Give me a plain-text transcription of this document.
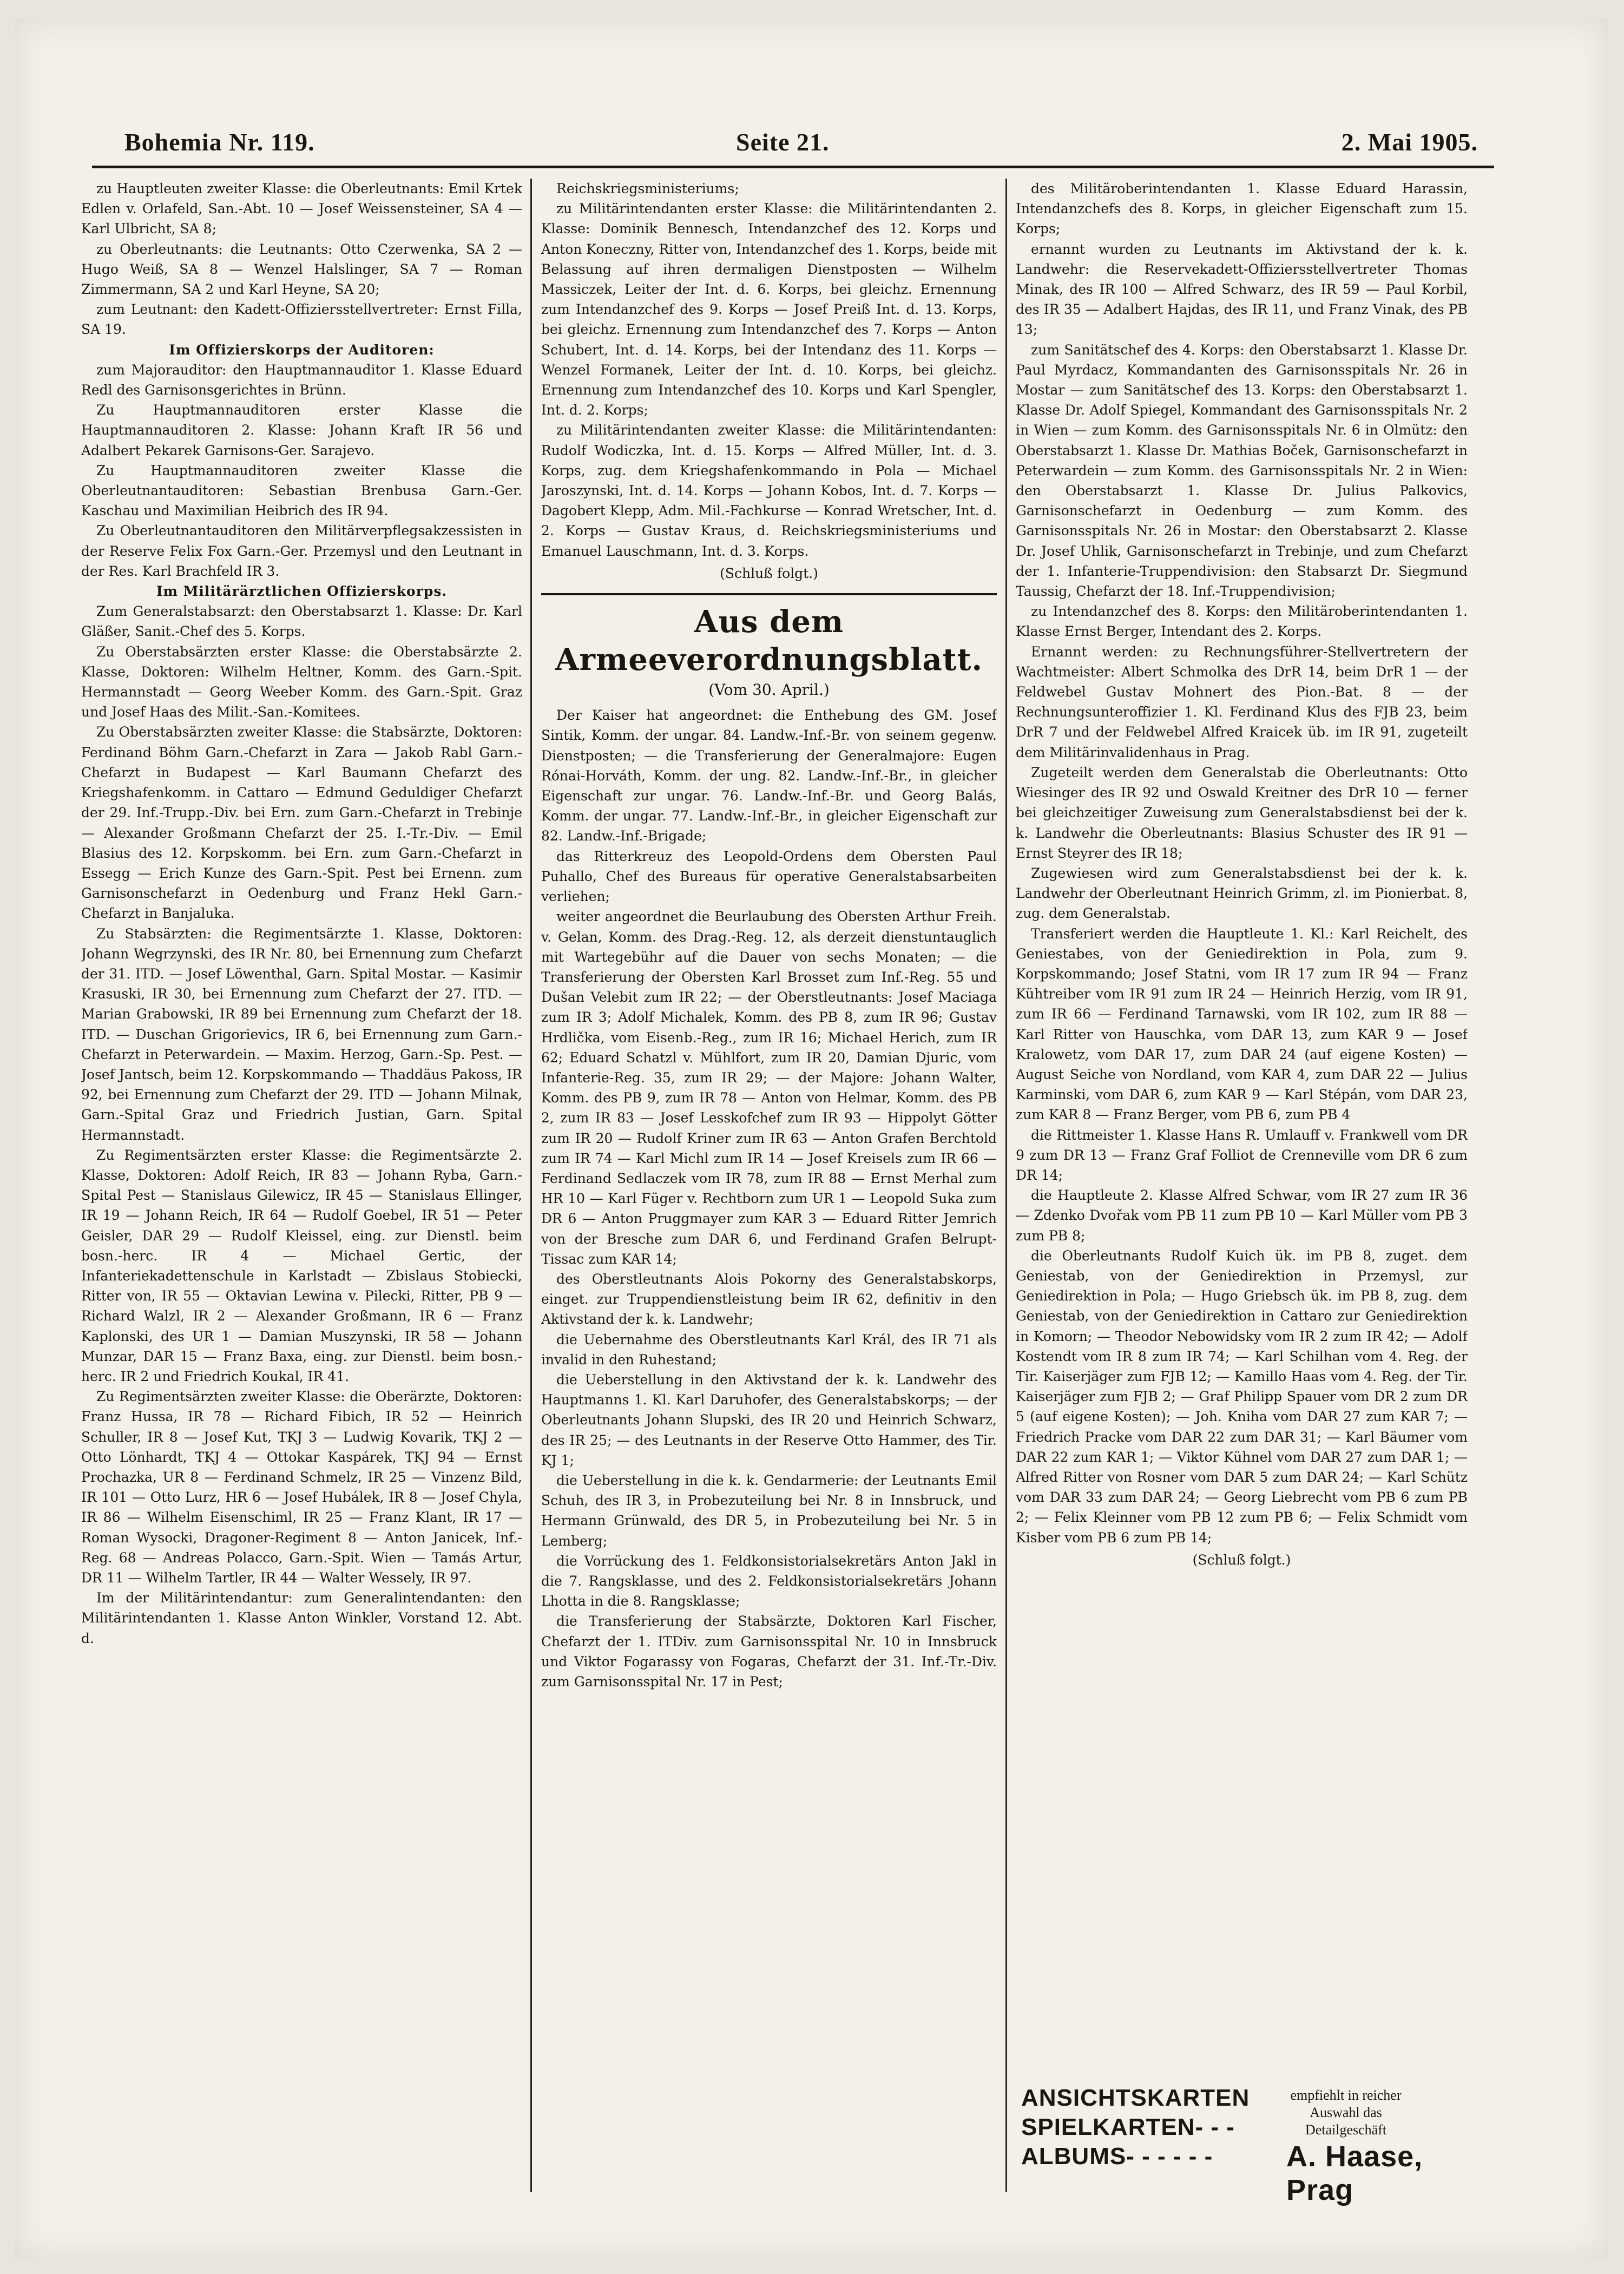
Bohemia Nr. 119.	Seite 21.	2. Mai 1905.

zu Hauptleuten zweiter Klasse: die Oberleutnants: Emil Krtek Edlen v. Orlafeld, San.-Abt. 10 — Josef Weissensteiner, SA 4 — Karl Ulbricht, SA 8;

zu Oberleutnants: die Leutnants: Otto Czerwenka, SA 2 — Hugo Weiß, SA 8 — Wenzel Halslinger, SA 7 — Roman Zimmermann, SA 2 und Karl Heyne, SA 20;

zum Leutnant: den Kadett-Offiziersstellvertreter: Ernst Filla, SA 19.

Im Offizierskorps der Auditoren:

zum Majorauditor: den Hauptmannauditor 1. Klasse Eduard Redl des Garnisonsgerichtes in Brünn.

Zu Hauptmannauditoren erster Klasse die Hauptmannauditoren 2. Klasse: Johann Kraft IR 56 und Adalbert Pekarek Garnisons-Ger. Sarajevo.

Zu Hauptmannauditoren zweiter Klasse die Oberleutnantauditoren: Sebastian Brenbusa Garn.-Ger. Kaschau und Maximilian Heibrich des IR 94.

Zu Oberleutnantauditoren den Militärverpflegsakzessisten in der Reserve Felix Fox Garn.-Ger. Przemysl und den Leutnant in der Res. Karl Brachfeld IR 3.

Im Militärärztlichen Offizierskorps.

Zum Generalstabsarzt: den Oberstabsarzt 1. Klasse: Dr. Karl Gläßer, Sanit.-Chef des 5. Korps.

Zu Oberstabsärzten erster Klasse: die Oberstabsärzte 2. Klasse, Doktoren: Wilhelm Heltner, Komm. des Garn.-Spit. Hermannstadt — Georg Weeber Komm. des Garn.-Spit. Graz und Josef Haas des Milit.-San.-Komitees.

Zu Oberstabsärzten zweiter Klasse: die Stabsärzte, Doktoren: Ferdinand Böhm Garn.-Chefarzt in Zara — Jakob Rabl Garn.-Chefarzt in Budapest — Karl Baumann Chefarzt des Kriegshafenkomm. in Cattaro — Edmund Geduldiger Chefarzt der 29. Inf.-Trupp.-Div. bei Ern. zum Garn.-Chefarzt in Trebinje — Alexander Großmann Chefarzt der 25. I.-Tr.-Div. — Emil Blasius des 12. Korpskomm. bei Ern. zum Garn.-Chefarzt in Essegg — Erich Kunze des Garn.-Spit. Pest bei Ernenn. zum Garnisonschefarzt in Oedenburg und Franz Hekl Garn.-Chefarzt in Banjaluka.

Zu Stabsärzten: die Regimentsärzte 1. Klasse, Doktoren: Johann Wegrzynski, des IR Nr. 80, bei Ernennung zum Chefarzt der 31. ITD. — Josef Löwenthal, Garn. Spital Mostar. — Kasimir Krasuski, IR 30, bei Ernennung zum Chefarzt der 27. ITD. — Marian Grabowski, IR 89 bei Ernennung zum Chefarzt der 18. ITD. — Duschan Grigorievics, IR 6, bei Ernennung zum Garn.-Chefarzt in Peterwardein. — Maxim. Herzog, Garn.-Sp. Pest. — Josef Jantsch, beim 12. Korpskommando — Thaddäus Pakoss, IR 92, bei Ernennung zum Chefarzt der 29. ITD — Johann Milnak, Garn.-Spital Graz und Friedrich Justian, Garn. Spital Hermannstadt.

Zu Regimentsärzten erster Klasse: die Regimentsärzte 2. Klasse, Doktoren: Adolf Reich, IR 83 — Johann Ryba, Garn.-Spital Pest — Stanislaus Gilewicz, IR 45 — Stanislaus Ellinger, IR 19 — Johann Reich, IR 64 — Rudolf Goebel, IR 51 — Peter Geisler, DAR 29 — Rudolf Kleissel, eing. zur Dienstl. beim bosn.-herc. IR 4 — Michael Gertic, der Infanteriekadettenschule in Karlstadt — Zbislaus Stobiecki, Ritter von, IR 55 — Oktavian Lewina v. Pilecki, Ritter, PB 9 — Richard Walzl, IR 2 — Alexander Großmann, IR 6 — Franz Kaplonski, des UR 1 — Damian Muszynski, IR 58 — Johann Munzar, DAR 15 — Franz Baxa, eing. zur Dienstl. beim bosn.-herc. IR 2 und Friedrich Koukal, IR 41.

Zu Regimentsärzten zweiter Klasse: die Oberärzte, Doktoren: Franz Hussa, IR 78 — Richard Fibich, IR 52 — Heinrich Schuller, IR 8 — Josef Kut, TKJ 3 — Ludwig Kovarik, TKJ 2 — Otto Lönhardt, TKJ 4 — Ottokar Kaspárek, TKJ 94 — Ernst Prochazka, UR 8 — Ferdinand Schmelz, IR 25 — Vinzenz Bild, IR 101 — Otto Lurz, HR 6 — Josef Hubálek, IR 8 — Josef Chyla, IR 86 — Wilhelm Eisenschiml, IR 25 — Franz Klant, IR 17 — Roman Wysocki, Dragoner-Regiment 8 — Anton Janicek, Inf.-Reg. 68 — Andreas Polacco, Garn.-Spit. Wien — Tamás Artur, DR 11 — Wilhelm Tartler, IR 44 — Walter Wessely, IR 97.

Im der Militärintendantur: zum Generalintendanten: den Militärintendanten 1. Klasse Anton Winkler, Vorstand 12. Abt. d.

Reichskriegsministeriums;

zu Militärintendanten erster Klasse: die Militärintendanten 2. Klasse: Dominik Bennesch, Intendanzchef des 12. Korps und Anton Koneczny, Ritter von, Intendanzchef des 1. Korps, beide mit Belassung auf ihren dermaligen Dienstposten — Wilhelm Massiczek, Leiter der Int. d. 6. Korps, bei gleichz. Ernennung zum Intendanzchef des 9. Korps — Josef Preiß Int. d. 13. Korps, bei gleichz. Ernennung zum Intendanzchef des 7. Korps — Anton Schubert, Int. d. 14. Korps, bei der Intendanz des 11. Korps — Wenzel Formanek, Leiter der Int. d. 10. Korps, bei gleichz. Ernennung zum Intendanzchef des 10. Korps und Karl Spengler, Int. d. 2. Korps;

zu Militärintendanten zweiter Klasse: die Militärintendanten: Rudolf Wodiczka, Int. d. 15. Korps — Alfred Müller, Int. d. 3. Korps, zug. dem Kriegshafenkommando in Pola — Michael Jaroszynski, Int. d. 14. Korps — Johann Kobos, Int. d. 7. Korps — Dagobert Klepp, Adm. Mil.-Fachkurse — Konrad Wretscher, Int. d. 2. Korps — Gustav Kraus, d. Reichskriegsministeriums und Emanuel Lauschmann, Int. d. 3. Korps.

(Schluß folgt.)

Aus dem Armeeverordnungsblatt.
(Vom 30. April.)

Der Kaiser hat angeordnet: die Enthebung des GM. Josef Sintik, Komm. der ungar. 84. Landw.-Inf.-Br. von seinem gegenw. Dienstposten; — die Transferierung der Generalmajore: Eugen Rónai-Horváth, Komm. der ung. 82. Landw.-Inf.-Br., in gleicher Eigenschaft zur ungar. 76. Landw.-Inf.-Br. und Georg Balás, Komm. der ungar. 77. Landw.-Inf.-Br., in gleicher Eigenschaft zur 82. Landw.-Inf.-Brigade;

das Ritterkreuz des Leopold-Ordens dem Obersten Paul Puhallo, Chef des Bureaus für operative Generalstabsarbeiten verliehen;

weiter angeordnet die Beurlaubung des Obersten Arthur Freih. v. Gelan, Komm. des Drag.-Reg. 12, als derzeit dienstuntauglich mit Wartegebühr auf die Dauer von sechs Monaten; — die Transferierung der Obersten Karl Brosset zum Inf.-Reg. 55 und Dušan Velebit zum IR 22; — der Oberstleutnants: Josef Maciaga zum IR 3; Adolf Michalek, Komm. des PB 8, zum IR 96; Gustav Hrdlička, vom Eisenb.-Reg., zum IR 16; Michael Herich, zum IR 62; Eduard Schatzl v. Mühlfort, zum IR 20, Damian Djuric, vom Infanterie-Reg. 35, zum IR 29; — der Majore: Johann Walter, Komm. des PB 9, zum IR 78 — Anton von Helmar, Komm. des PB 2, zum IR 83 — Josef Lesskofchef zum IR 93 — Hippolyt Götter zum IR 20 — Rudolf Kriner zum IR 63 — Anton Grafen Berchtold zum IR 74 — Karl Michl zum IR 14 — Josef Kreisels zum IR 66 — Ferdinand Sedlaczek vom IR 78, zum IR 88 — Ernst Merhal zum HR 10 — Karl Füger v. Rechtborn zum UR 1 — Leopold Suka zum DR 6 — Anton Pruggmayer zum KAR 3 — Eduard Ritter Jemrich von der Bresche zum DAR 6, und Ferdinand Grafen Belrupt-Tissac zum KAR 14;

des Oberstleutnants Alois Pokorny des Generalstabskorps, einget. zur Truppendienstleistung beim IR 62, definitiv in den Aktivstand der k. k. Landwehr;

die Uebernahme des Oberstleutnants Karl Král, des IR 71 als invalid in den Ruhestand;

die Ueberstellung in den Aktivstand der k. k. Landwehr des Hauptmanns 1. Kl. Karl Daruhofer, des Generalstabskorps; — der Oberleutnants Johann Slupski, des IR 20 und Heinrich Schwarz, des IR 25; — des Leutnants in der Reserve Otto Hammer, des Tir. KJ 1;

die Ueberstellung in die k. k. Gendarmerie: der Leutnants Emil Schuh, des IR 3, in Probezuteilung bei Nr. 8 in Innsbruck, und Hermann Grünwald, des DR 5, in Probezuteilung bei Nr. 5 in Lemberg;

die Vorrückung des 1. Feldkonsistorialsekretärs Anton Jakl in die 7. Rangsklasse, und des 2. Feldkonsistorialsekretärs Johann Lhotta in die 8. Rangsklasse;

die Transferierung der Stabsärzte, Doktoren Karl Fischer, Chefarzt der 1. ITDiv. zum Garnisonsspital Nr. 10 in Innsbruck und Viktor Fogarassy von Fogaras, Chefarzt der 31. Inf.-Tr.-Div. zum Garnisonsspital Nr. 17 in Pest;

des Militäroberintendanten 1. Klasse Eduard Harassin, Intendanzchefs des 8. Korps, in gleicher Eigenschaft zum 15. Korps;

ernannt wurden zu Leutnants im Aktivstand der k. k. Landwehr: die Reservekadett-Offiziersstellvertreter Thomas Minak, des IR 100 — Alfred Schwarz, des IR 59 — Paul Korbil, des IR 35 — Adalbert Hajdas, des IR 11, und Franz Vinak, des PB 13;

zum Sanitätschef des 4. Korps: den Oberstabsarzt 1. Klasse Dr. Paul Myrdacz, Kommandanten des Garnisonsspitals Nr. 26 in Mostar — zum Sanitätschef des 13. Korps: den Oberstabsarzt 1. Klasse Dr. Adolf Spiegel, Kommandant des Garnisonsspitals Nr. 2 in Wien — zum Komm. des Garnisonsspitals Nr. 6 in Olmütz: den Oberstabsarzt 1. Klasse Dr. Mathias Boček, Garnisonschefarzt in Peterwardein — zum Komm. des Garnisonsspitals Nr. 2 in Wien: den Oberstabsarzt 1. Klasse Dr. Julius Palkovics, Garnisonschefarzt in Oedenburg — zum Komm. des Garnisonsspitals Nr. 26 in Mostar: den Oberstabsarzt 2. Klasse Dr. Josef Uhlik, Garnisonschefarzt in Trebinje, und zum Chefarzt der 1. Infanterie-Truppendivision: den Stabsarzt Dr. Siegmund Taussig, Chefarzt der 18. Inf.-Truppendivision;

zu Intendanzchef des 8. Korps: den Militäroberintendanten 1. Klasse Ernst Berger, Intendant des 2. Korps.

Ernannt werden: zu Rechnungsführer-Stellvertretern der Wachtmeister: Albert Schmolka des DrR 14, beim DrR 1 — der Feldwebel Gustav Mohnert des Pion.-Bat. 8 — der Rechnungsunteroffizier 1. Kl. Ferdinand Klus des FJB 23, beim DrR 7 und der Feldwebel Alfred Kraicek üb. im IR 91, zugeteilt dem Militärinvalidenhaus in Prag.

Zugeteilt werden dem Generalstab die Oberleutnants: Otto Wiesinger des IR 92 und Oswald Kreitner des DrR 10 — ferner bei gleichzeitiger Zuweisung zum Generalstabsdienst bei der k. k. Landwehr die Oberleutnants: Blasius Schuster des IR 91 — Ernst Steyrer des IR 18;

Zugewiesen wird zum Generalstabsdienst bei der k. k. Landwehr der Oberleutnant Heinrich Grimm, zl. im Pionierbat. 8, zug. dem Generalstab.

Transferiert werden die Hauptleute 1. Kl.: Karl Reichelt, des Geniestabes, von der Geniedirektion in Pola, zum 9. Korpskommando; Josef Statni, vom IR 17 zum IR 94 — Franz Kühtreiber vom IR 91 zum IR 24 — Heinrich Herzig, vom IR 91, zum IR 66 — Ferdinand Tarnawski, vom IR 102, zum IR 88 — Karl Ritter von Hauschka, vom DAR 13, zum KAR 9 — Josef Kralowetz, vom DAR 17, zum DAR 24 (auf eigene Kosten) — August Seiche von Nordland, vom KAR 4, zum DAR 22 — Julius Karminski, vom DAR 6, zum KAR 9 — Karl Stépán, vom DAR 23, zum KAR 8 — Franz Berger, vom PB 6, zum PB 4

die Rittmeister 1. Klasse Hans R. Umlauff v. Frankwell vom DR 9 zum DR 13 — Franz Graf Folliot de Crenneville vom DR 6 zum DR 14;

die Hauptleute 2. Klasse Alfred Schwar, vom IR 27 zum IR 36 — Zdenko Dvořak vom PB 11 zum PB 10 — Karl Müller vom PB 3 zum PB 8;

die Oberleutnants Rudolf Kuich ük. im PB 8, zuget. dem Geniestab, von der Geniedirektion in Przemysl, zur Geniedirektion in Pola; — Hugo Griebsch ük. im PB 8, zug. dem Geniestab, von der Geniedirektion in Cattaro zur Geniedirektion in Komorn; — Theodor Nebowidsky vom IR 2 zum IR 42; — Adolf Kostendt vom IR 8 zum IR 74; — Karl Schilhan vom 4. Reg. der Tir. Kaiserjäger zum FJB 12; — Kamillo Haas vom 4. Reg. der Tir. Kaiserjäger zum FJB 2; — Graf Philipp Spauer vom DR 2 zum DR 5 (auf eigene Kosten); — Joh. Kniha vom DAR 27 zum KAR 7; — Friedrich Pracke vom DAR 22 zum DAR 31; — Karl Bäumer vom DAR 22 zum KAR 1; — Viktor Kühnel vom DAR 27 zum DAR 1; — Alfred Ritter von Rosner vom DAR 5 zum DAR 24; — Karl Schütz vom DAR 33 zum DAR 24; — Georg Liebrecht vom PB 6 zum PB 2; — Felix Kleinner vom PB 12 zum PB 6; — Felix Schmidt vom Kisber vom PB 6 zum PB 14;

(Schluß folgt.)

ANSICHTSKARTEN
SPIELKARTEN- - -
ALBUMS- - - - - -
empfiehlt in reicher Auswahl das Detailgeschäft
A. Haase, Prag
